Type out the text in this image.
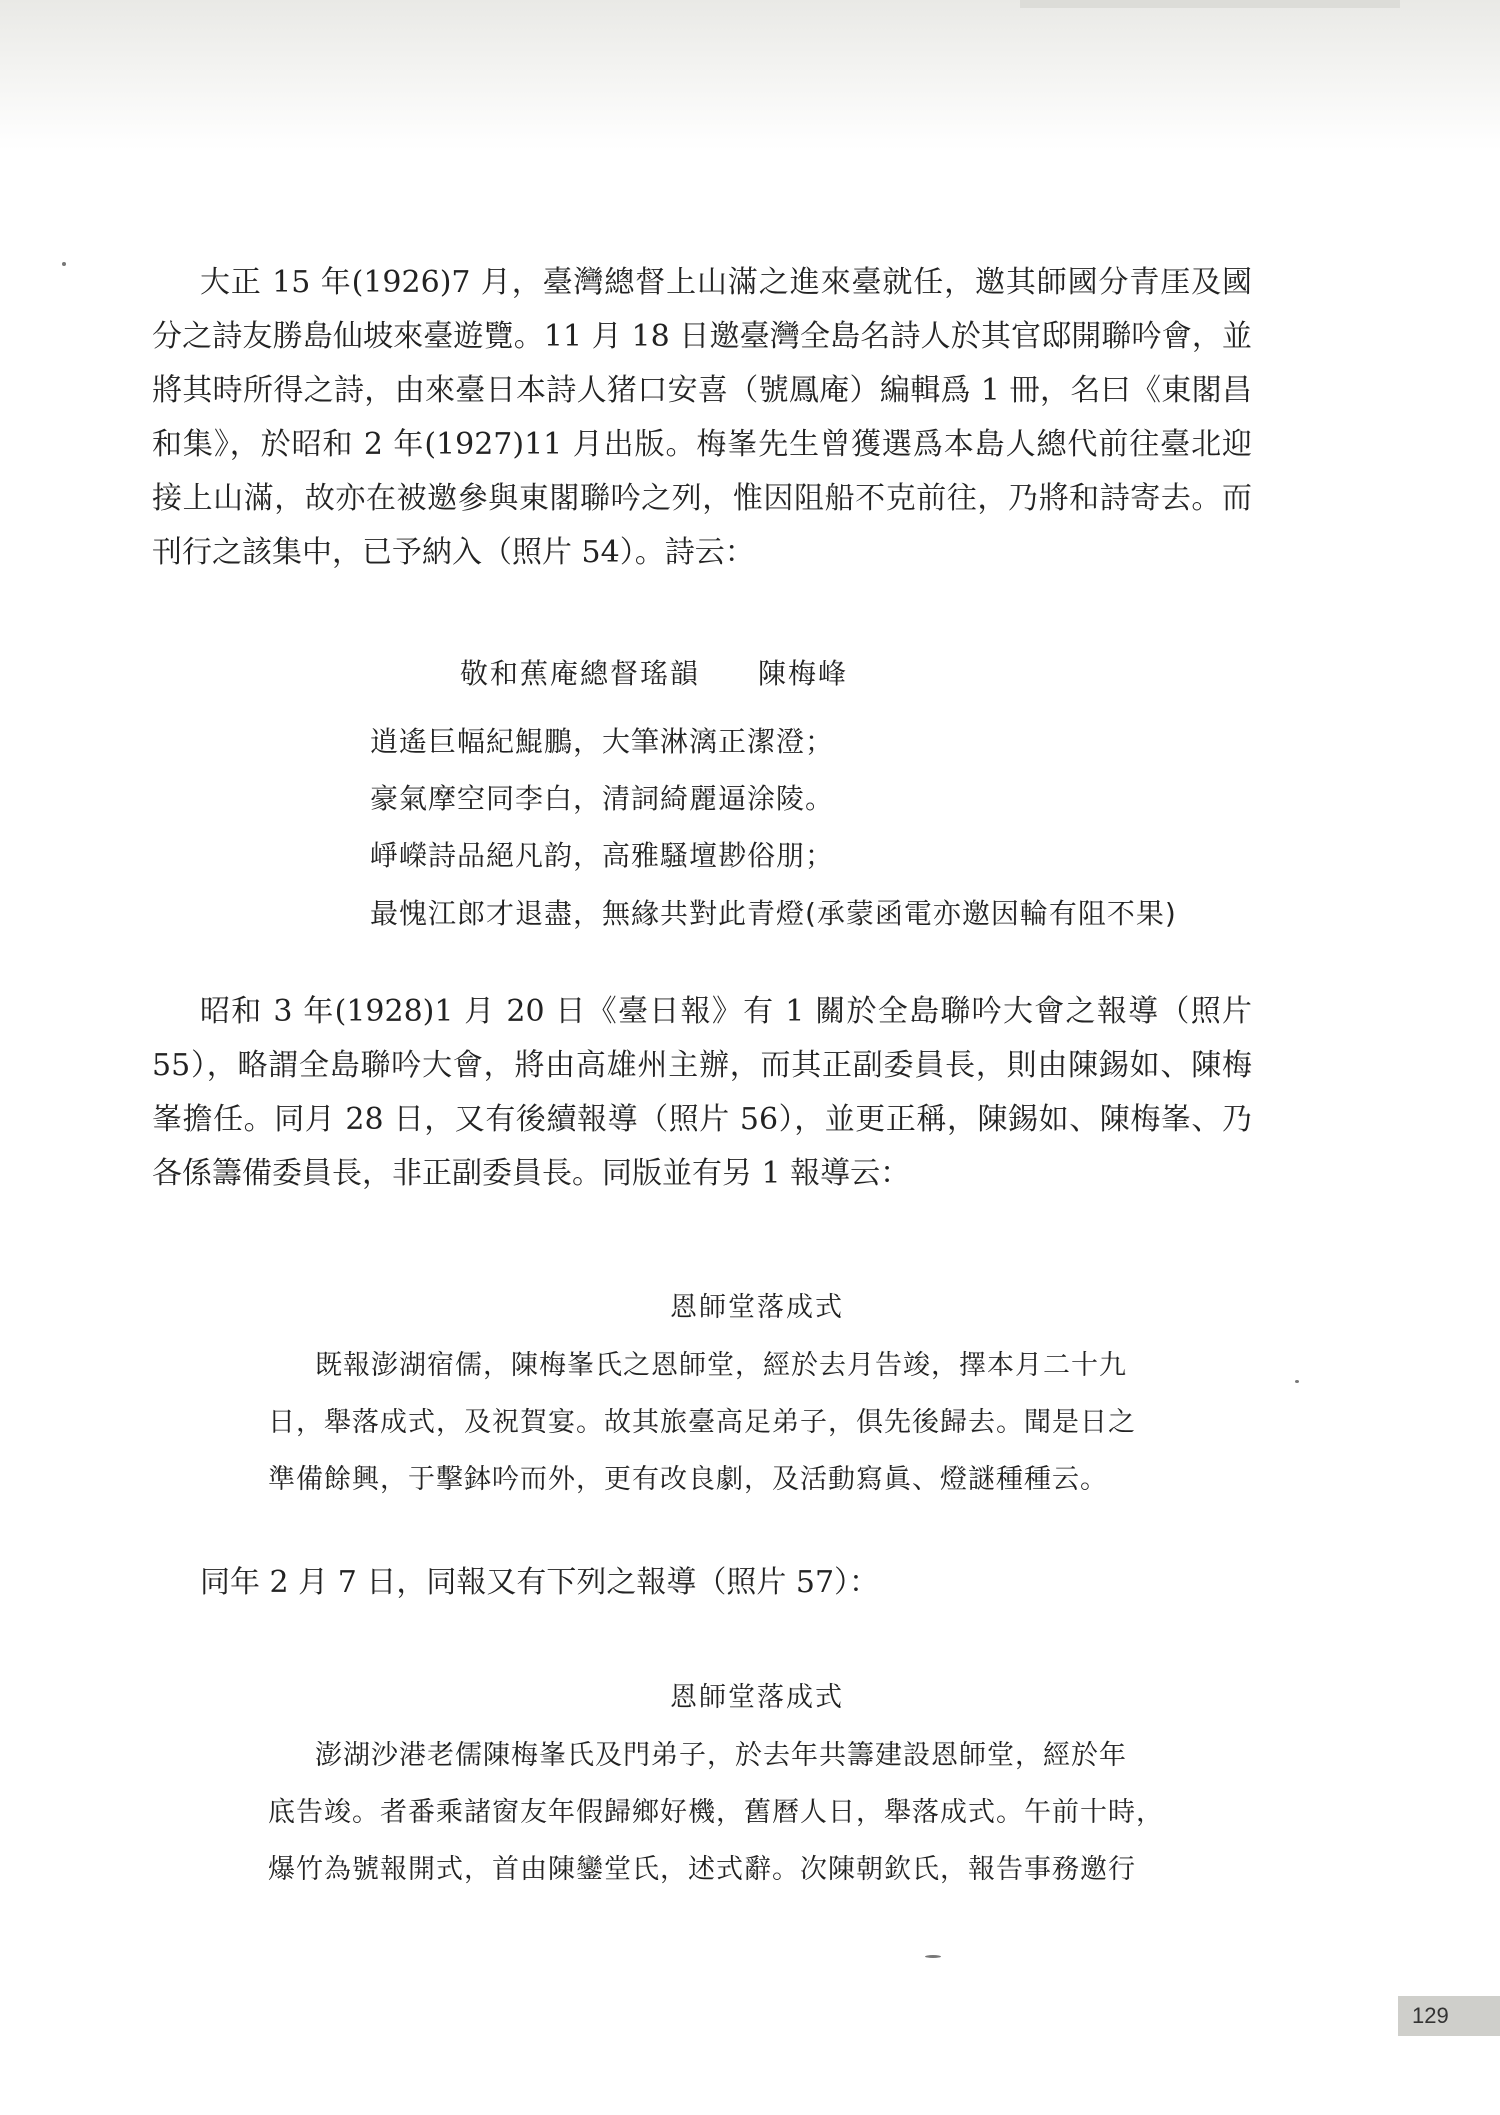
大正 15 年(1926)7 月，臺灣總督上山滿之進來臺就任，邀其師國分青厓及國分之詩友勝島仙坡來臺遊覽。11 月 18 日邀臺灣全島名詩人於其官邸開聯吟會，並將其時所得之詩，由來臺日本詩人猪口安喜（號鳳庵）編輯爲 1 冊，名曰《東閣昌和集》，於昭和 2 年(1927)11 月出版。梅峯先生曾獲選爲本島人總代前往臺北迎接上山滿，故亦在被邀參與東閣聯吟之列，惟因阻船不克前往，乃將和詩寄去。而刊行之該集中，已予納入（照片 54）。詩云：

敬和蕉庵總督瑤韻 陳梅峰
逍遙巨幅紀鯤鵬，大筆淋漓正潔澄；
豪氣摩空同李白，清詞綺麗逼涂陵。
崢嶸詩品絕凡韵，高雅騷壇尠俗朋；
最愧江郎才退盡，無緣共對此青燈(承蒙函電亦邀因輪有阻不果)

昭和 3 年(1928)1 月 20 日《臺日報》有 1 關於全島聯吟大會之報導（照片 55），略謂全島聯吟大會，將由高雄州主辦，而其正副委員長，則由陳錫如、陳梅峯擔任。同月 28 日，又有後續報導（照片 56），並更正稱，陳錫如、陳梅峯、乃各係籌備委員長，非正副委員長。同版並有另 1 報導云：

恩師堂落成式
既報澎湖宿儒，陳梅峯氏之恩師堂，經於去月告竣，擇本月二十九
日，舉落成式，及祝賀宴。故其旅臺高足弟子，俱先後歸去。聞是日之
準備餘興，于擊鉢吟而外，更有改良劇，及活動寫眞、燈謎種種云。

同年 2 月 7 日，同報又有下列之報導（照片 57）：

恩師堂落成式
澎湖沙港老儒陳梅峯氏及門弟子，於去年共籌建設恩師堂，經於年
底告竣。者番乘諸窗友年假歸鄉好機，舊曆人日，舉落成式。午前十時，
爆竹為號報開式，首由陳鑾堂氏，述式辭。次陳朝欽氏，報告事務邀行
129
